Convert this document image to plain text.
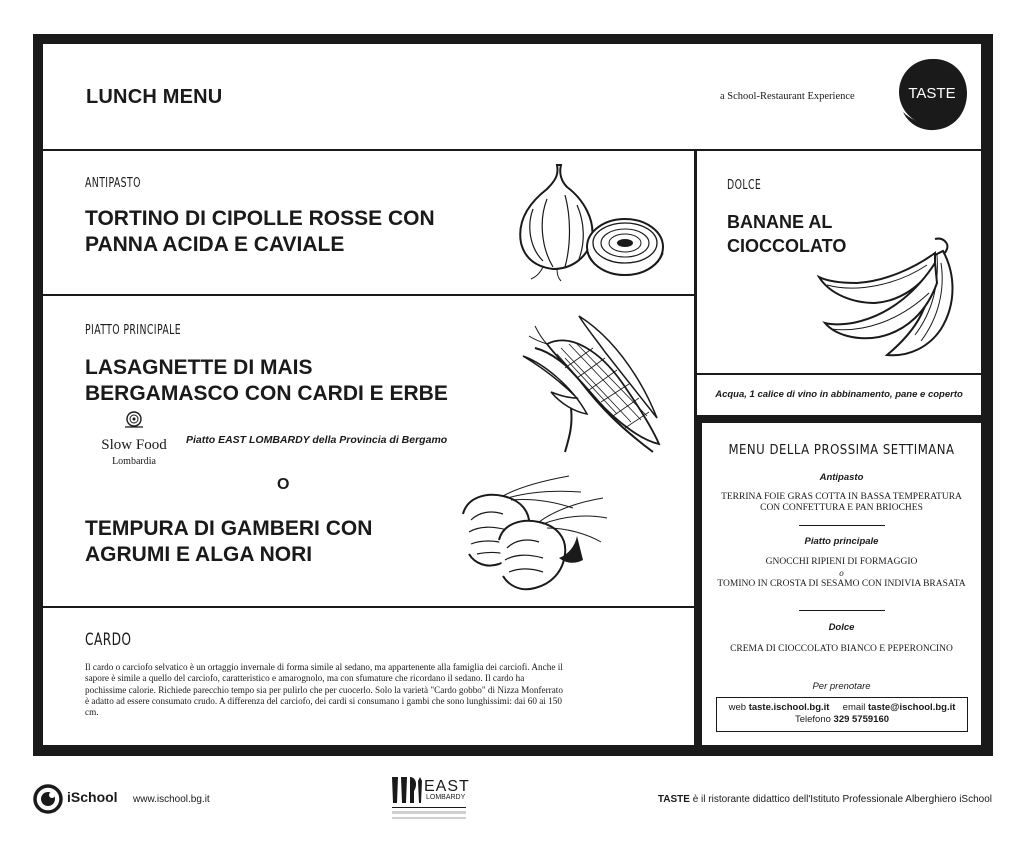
LUNCH MENU	a School-Restaurant Experience	TASTE
ANTIPASTO
TORTINO DI CIPOLLE ROSSE CON
PANNA ACIDA E CAVIALE
PIATTO PRINCIPALE
LASAGNETTE DI MAIS
BERGAMASCO CON CARDI E ERBE
Slow Food
Lombardia
Piatto EAST LOMBARDY della Provincia di Bergamo
O
TEMPURA DI GAMBERI CON
AGRUMI E ALGA NORI
CARDO
Il cardo o carciofo selvatico è un ortaggio invernale di forma simile al sedano, ma appartenente alla famiglia dei carciofi. Anche il sapore è simile a quello del carciofo, caratteristico e amarognolo, ma con sfumature che ricordano il sedano. Il cardo ha pochissime calorie. Richiede parecchio tempo sia per pulirlo che per cuocerlo. Solo la varietà "Cardo gobbo" di Nizza Monferrato è adatto ad essere consumato crudo. A differenza del carciofo, dei cardi si consumano i gambi che sono lunghissimi: dai 60 ai 150 cm.
DOLCE
BANANE AL
CIOCCOLATO
Acqua, 1 calice di vino in abbinamento, pane e coperto
MENU DELLA PROSSIMA SETTIMANA
Antipasto
TERRINA FOIE GRAS COTTA IN BASSA TEMPERATURA CON CONFETTURA E PAN BRIOCHES
Piatto principale
GNOCCHI RIPIENI DI FORMAGGIO
o
TOMINO IN CROSTA DI SESAMO CON INDIVIA BRASATA
Dolce
CREMA DI CIOCCOLATO BIANCO E PEPERONCINO
Per prenotare
web taste.ischool.bg.it email taste@ischool.bg.it
Telefono 329 5759160
iSchool www.ischool.bg.it
EAST
LOMBARDY	TASTE è il ristorante didattico dell'Istituto Professionale Alberghiero iSchool
